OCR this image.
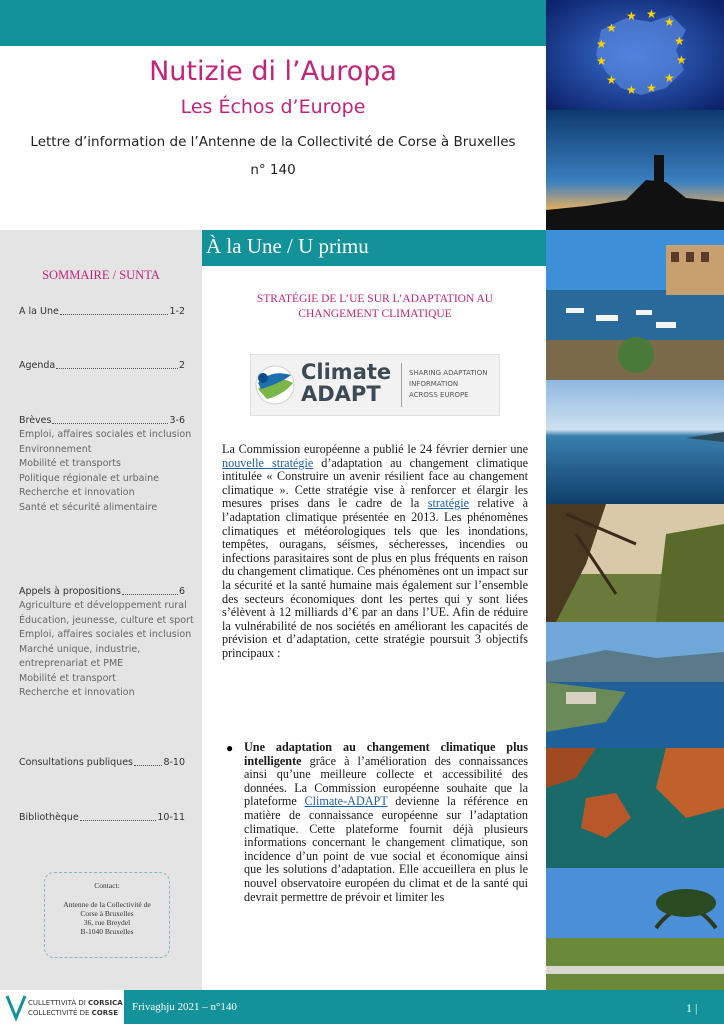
Nutizie di l’Auropa
Les Échos d’Europe
Lettre d’information de l’Antenne de la Collectivité de Corse à Bruxelles
n° 140
★
★ ★
★
★
★
★
★
★
★
★
★
SOMMAIRE / SUNTA
À la Une	1-2
Agenda	2
Brèves	3-6
Emploi, affaires sociales et inclusion
Environnement
Mobilité et transports
Politique régionale et urbaine
Recherche et innovation
Santé et sécurité alimentaire
Appels à propositions	6
Agriculture et développement rural
Éducation, jeunesse, culture et sport
Emploi, affaires sociales et inclusion
Marché unique, industrie,
entreprenariat et PME
Mobilité et transport
Recherche et innovation
Consultations publiques	8-10
Bibliothèque	10-11
Contact:
Antenne de la Collectivité de
Corse à Bruxelles
36, rue Breydel
B-1040 Bruxelles
À la Une / U primu
STRATÉGIE DE L’UE SUR L’ADAPTATION AU CHANGEMENT CLIMATIQUE
Climate
ADAPT
SHARING ADAPTATION
INFORMATION
ACROSS EUROPE
La Commission européenne a publié le 24 février dernier une nouvelle stratégie d’adaptation au changement climatique intitulée « Construire un avenir résilient face au changement climatique ». Cette stratégie vise à renforcer et élargir les mesures prises dans le cadre de la stratégie relative à l’adaptation climatique présentée en 2013. Les phénomènes climatiques et météorologiques tels que les inondations, tempêtes, ouragans, séismes, sécheresses, incendies ou infections parasitaires sont de plus en plus fréquents en raison du changement climatique. Ces phénomènes ont un impact sur la sécurité et la santé humaine mais également sur l’ensemble des secteurs économiques dont les pertes qui y sont liées s’élèvent à 12 milliards d’€ par an dans l’UE. Afin de réduire la vulnérabilité de nos sociétés en améliorant les capacités de prévision et d’adaptation, cette stratégie poursuit 3 objectifs principaux :
● Une adaptation au changement climatique plus intelligente grâce à l’amélioration des connaissances ainsi qu’une meilleure collecte et accessibilité des données. La Commission européenne souhaite que la plateforme Climate-ADAPT devienne la référence en matière de connaissance européenne sur l’adaptation climatique. Cette plateforme fournit déjà plusieurs informations concernant le changement climatique, son incidence d’un point de vue social et économique ainsi que les solutions d’adaptation. Elle accueillera en plus le nouvel observatoire européen du climat et de la santé qui devrait permettre de prévoir et limiter les
CULLETTIVITÀ DI CORSICA
COLLECTIVITÉ DE CORSE	Frivaghju 2021 – n°140	1 |
